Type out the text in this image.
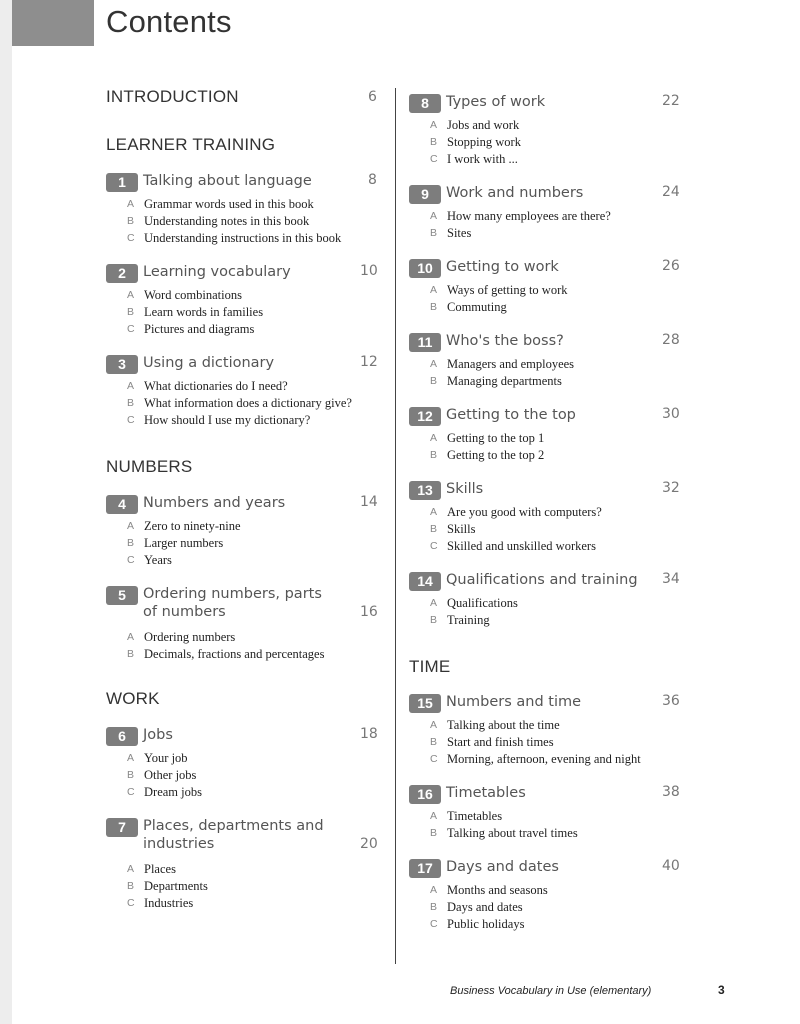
Contents
INTRODUCTION	6
LEARNER TRAINING
NUMBERS
WORK
1	Talking about language	8
A Grammar words used in this book
B Understanding notes in this book
C Understanding instructions in this book
2	Learning vocabulary	10
A Word combinations
B Learn words in families
C Pictures and diagrams
3	Using a dictionary	12
A What dictionaries do I need?
B What information does a dictionary give?
C How should I use my dictionary?
4	Numbers and years	14
A Zero to ninety-nine
B Larger numbers
C Years
5	Ordering numbers, parts
of numbers	16
A Ordering numbers
B Decimals, fractions and percentages
6	Jobs	18
A Your job
B Other jobs
C Dream jobs
7	Places, departments and
industries	20
A Places
B Departments
C Industries
TIME
8	Types of work	22
A Jobs and work
B Stopping work
C I work with ...
9	Work and numbers	24
A How many employees are there?
B Sites
10 Getting to work	26
A Ways of getting to work
B Commuting
11 Who's the boss?	28
A Managers and employees
B Managing departments
12 Getting to the top	30
A Getting to the top 1
B Getting to the top 2
13 Skills	32
A Are you good with computers?
B Skills
C Skilled and unskilled workers
14 Qualifications and training 34
A Qualifications
B Training
15 Numbers and time	36
A Talking about the time
B Start and finish times
C Morning, afternoon, evening and night
16 Timetables	38
A Timetables
B Talking about travel times
17 Days and dates	40
A Months and seasons
B Days and dates
C Public holidays
Business Vocabulary in Use (elementary)	3
